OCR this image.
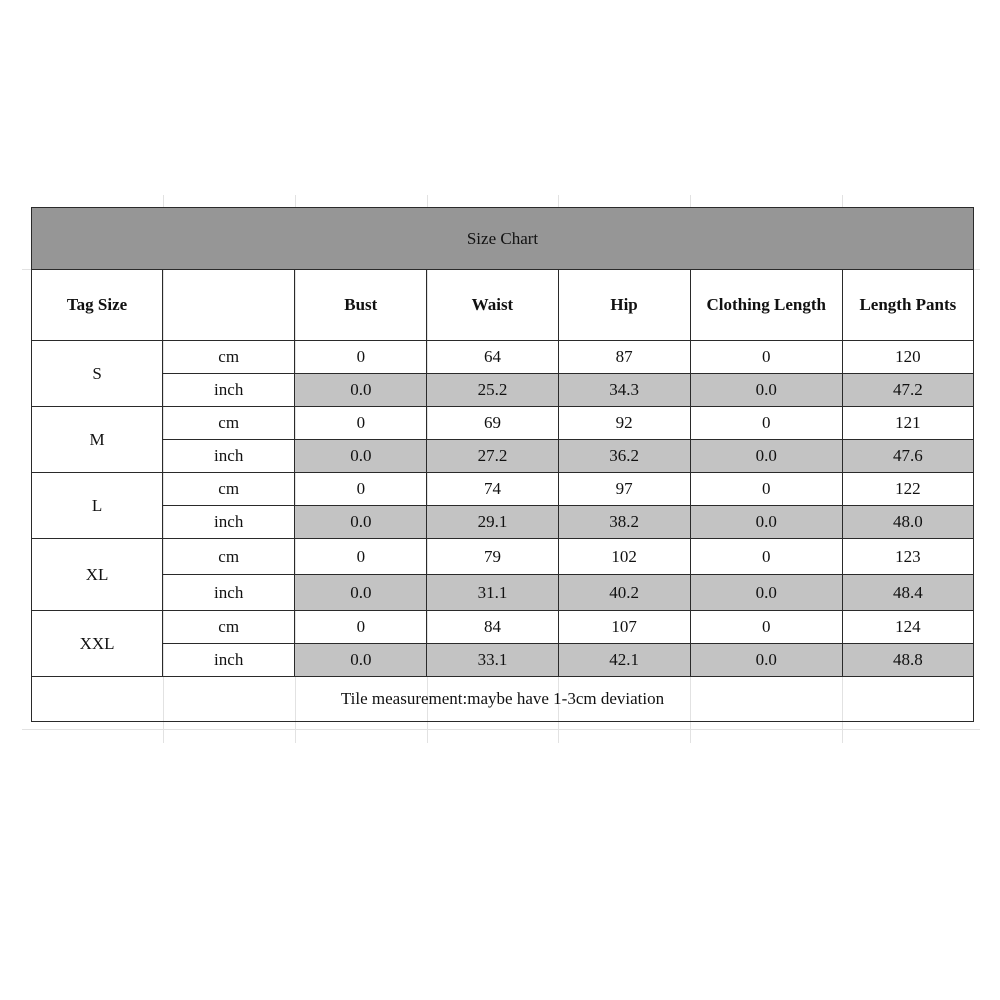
Size Chart						
Tag Size		Bust	Waist	Hip	Clothing Length	Length Pants
S	cm	0	64	87	0	120
	inch	0.0	25.2	34.3	0.0	47.2
M	cm	0	69	92	0	121
	inch	0.0	27.2	36.2	0.0	47.6
L	cm	0	74	97	0	122
	inch	0.0	29.1	38.2	0.0	48.0
XL	cm	0	79	102	0	123
	inch	0.0	31.1	40.2	0.0	48.4
XXL	cm	0	84	107	0	124
	inch	0.0	33.1	42.1	0.0	48.8
Tile measurement:maybe have 1-3cm deviation						
